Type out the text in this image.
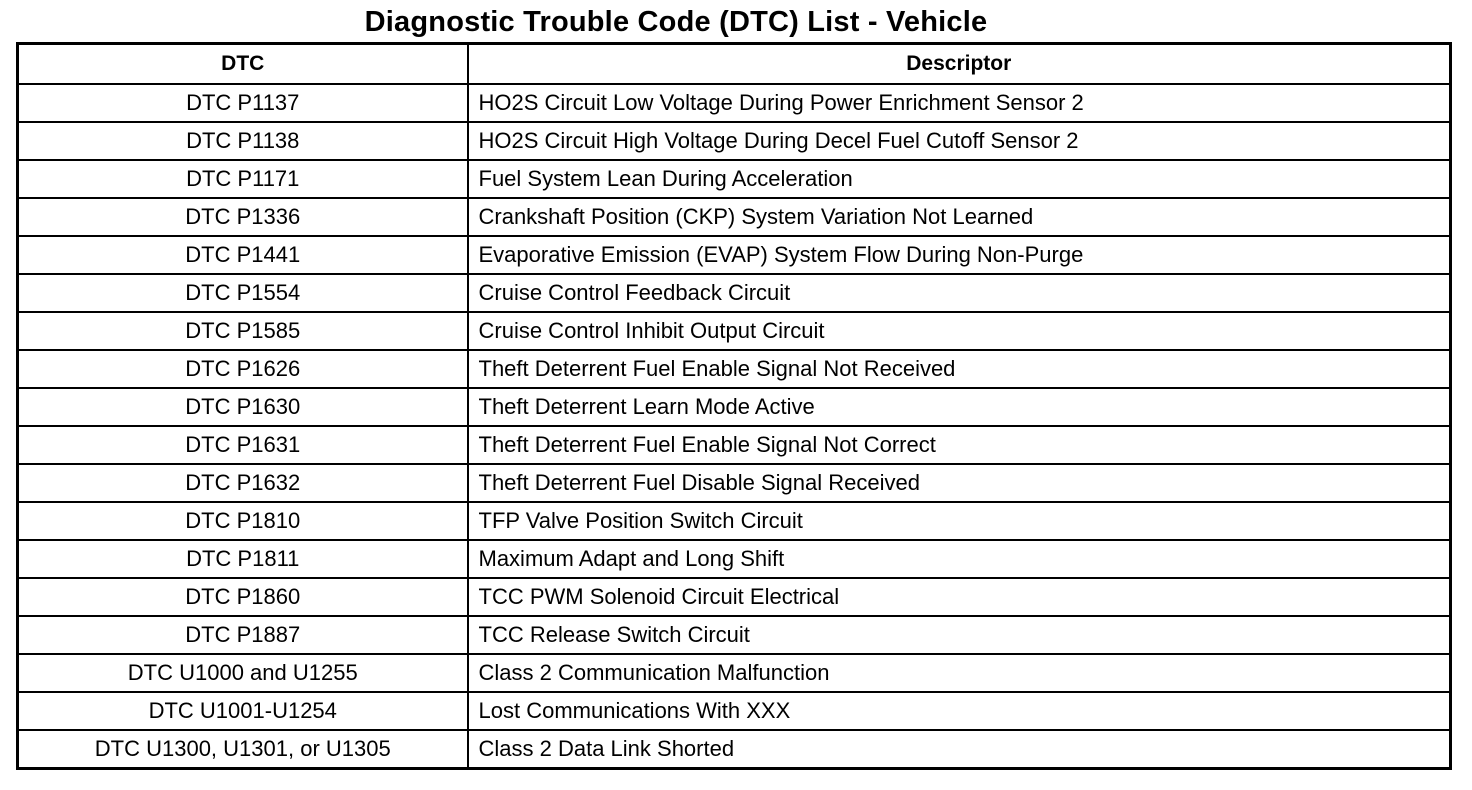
Diagnostic Trouble Code (DTC) List - Vehicle
DTC	Descriptor
DTC P1137	HO2S Circuit Low Voltage During Power Enrichment Sensor 2
DTC P1138	HO2S Circuit High Voltage During Decel Fuel Cutoff Sensor 2
DTC P1171	Fuel System Lean During Acceleration
DTC P1336	Crankshaft Position (CKP) System Variation Not Learned
DTC P1441	Evaporative Emission (EVAP) System Flow During Non-Purge
DTC P1554	Cruise Control Feedback Circuit
DTC P1585	Cruise Control Inhibit Output Circuit
DTC P1626	Theft Deterrent Fuel Enable Signal Not Received
DTC P1630	Theft Deterrent Learn Mode Active
DTC P1631	Theft Deterrent Fuel Enable Signal Not Correct
DTC P1632	Theft Deterrent Fuel Disable Signal Received
DTC P1810	TFP Valve Position Switch Circuit
DTC P1811	Maximum Adapt and Long Shift
DTC P1860	TCC PWM Solenoid Circuit Electrical
DTC P1887	TCC Release Switch Circuit
DTC U1000 and U1255	Class 2 Communication Malfunction
DTC U1001-U1254	Lost Communications With XXX
DTC U1300, U1301, or U1305	Class 2 Data Link Shorted
